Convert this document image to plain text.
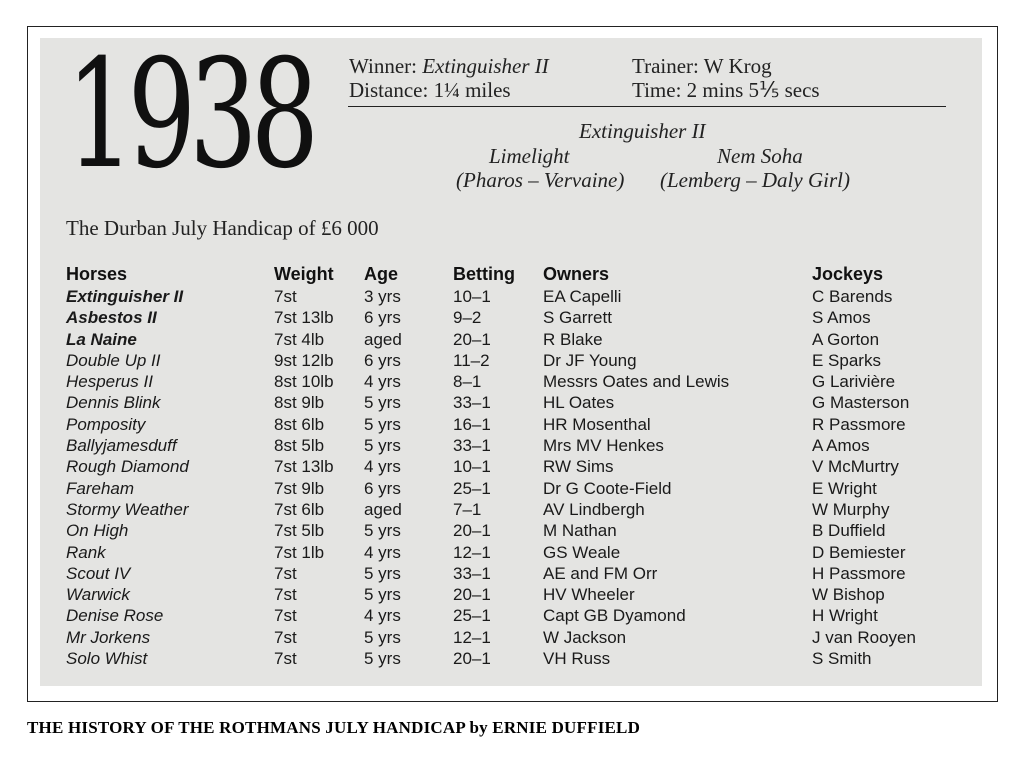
1938 Winner: Extinguisher II
Distance: 1¼ miles
Trainer: W Krog
Time: 2 mins 5⅕ secs
Extinguisher II
Limelight	Nem Soha
(Pharos – Vervaine) (Lemberg – Daly Girl)
The Durban July Handicap of £6 000
Horses
Extinguisher II
Asbestos II
La Naine
Double Up II
Hesperus II
Dennis Blink
Pomposity
Ballyjamesduff
Rough Diamond
Fareham
Stormy Weather
On High
Rank
Scout IV
Warwick
Denise Rose
Mr Jorkens
Solo Whist
Weight
7st
7st 13lb
7st 4lb
9st 12lb
8st 10lb
8st 9lb
8st 6lb
8st 5lb
7st 13lb
7st 9lb
7st 6lb
7st 5lb
7st 1lb
7st
7st
7st
7st
7st
Age
3 yrs
6 yrs
aged
6 yrs
4 yrs
5 yrs
5 yrs
5 yrs
4 yrs
6 yrs
aged
5 yrs
4 yrs
5 yrs
5 yrs
4 yrs
5 yrs
5 yrs
Betting
10–1
9–2
20–1
11–2
8–1
33–1
16–1
33–1
10–1
25–1
7–1
20–1
12–1
33–1
20–1
25–1
12–1
20–1
Owners
EA Capelli
S Garrett
R Blake
Dr JF Young
Messrs Oates and Lewis
HL Oates
HR Mosenthal
Mrs MV Henkes
RW Sims
Dr G Coote-Field
AV Lindbergh
M Nathan
GS Weale
AE and FM Orr
HV Wheeler
Capt GB Dyamond
W Jackson
VH Russ
Jockeys
C Barends
S Amos
A Gorton
E Sparks
G Larivière
G Masterson
R Passmore
A Amos
V McMurtry
E Wright
W Murphy
B Duffield
D Bemiester
H Passmore
W Bishop
H Wright
J van Rooyen
S Smith
THE HISTORY OF THE ROTHMANS JULY HANDICAP by ERNIE DUFFIELD
